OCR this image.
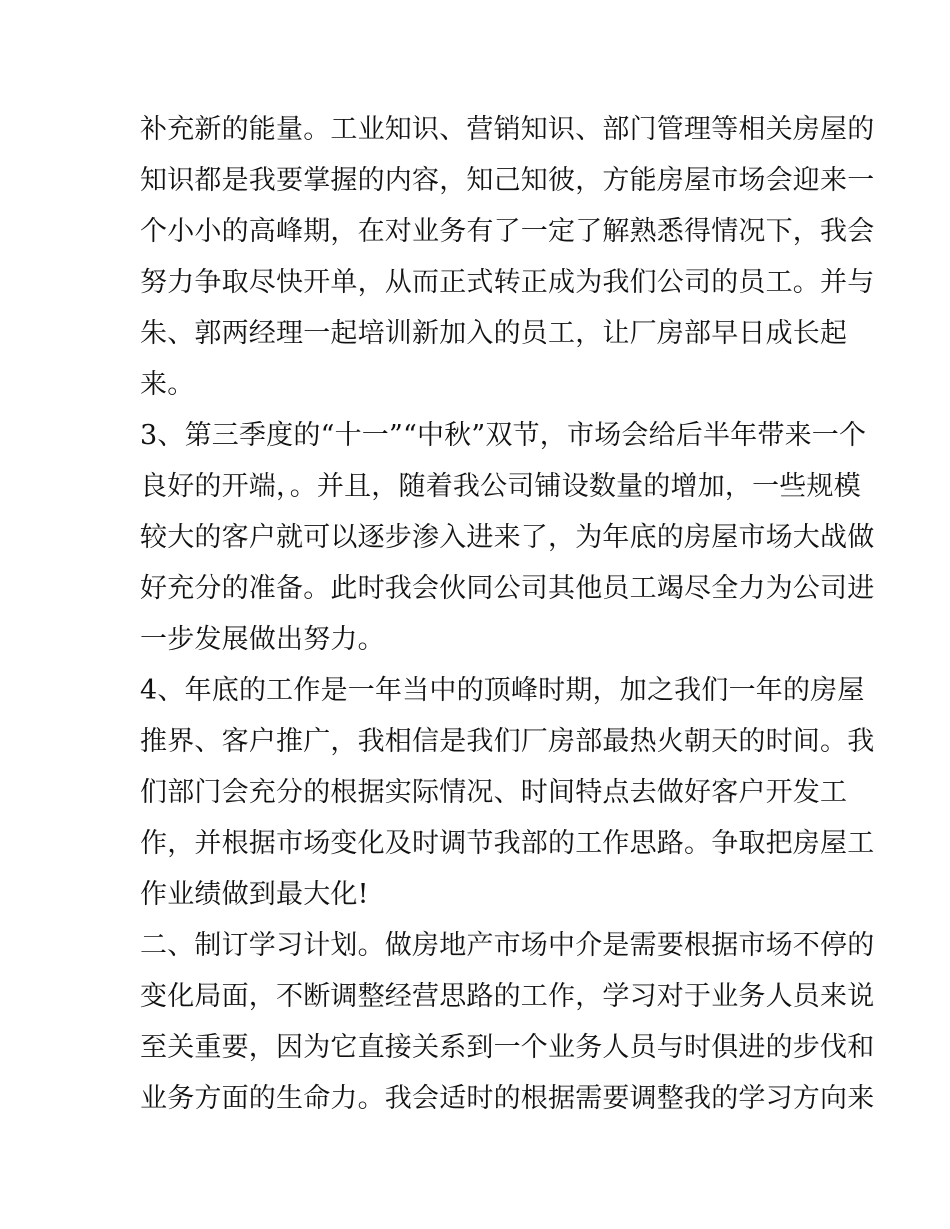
补充新的能量。工业知识、营销知识、部门管理等相关房屋的
知识都是我要掌握的内容，知己知彼，方能房屋市场会迎来一
个小小的高峰期，在对业务有了一定了解熟悉得情况下，我会
努力争取尽快开单，从而正式转正成为我们公司的员工。并与
朱、郭两经理一起培训新加入的员工，让厂房部早日成长起
来。
3、第三季度的“十一”“中秋”双节，市场会给后半年带来一个
良好的开端，。并且，随着我公司铺设数量的增加，一些规模
较大的客户就可以逐步渗入进来了，为年底的房屋市场大战做
好充分的准备。此时我会伙同公司其他员工竭尽全力为公司进
一步发展做出努力。
4、年底的工作是一年当中的顶峰时期，加之我们一年的房屋
推界、客户推广，我相信是我们厂房部最热火朝天的时间。我
们部门会充分的根据实际情况、时间特点去做好客户开发工
作，并根据市场变化及时调节我部的工作思路。争取把房屋工
作业绩做到最大化!
二、制订学习计划。做房地产市场中介是需要根据市场不停的
变化局面，不断调整经营思路的工作，学习对于业务人员来说
至关重要，因为它直接关系到一个业务人员与时俱进的步伐和
业务方面的生命力。我会适时的根据需要调整我的学习方向来
